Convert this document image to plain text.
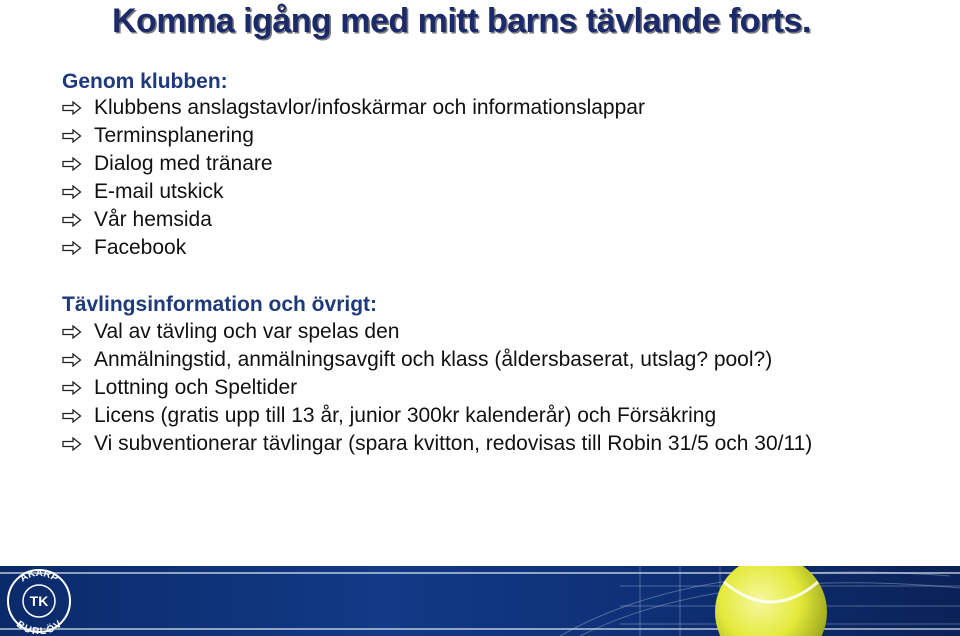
Komma igång med mitt barns tävlande forts.
Genom klubben:
Klubbens anslagstavlor/infoskärmar och informationslappar
Terminsplanering
Dialog med tränare
E-mail utskick
Vår hemsida
Facebook
Tävlingsinformation och övrigt:
Val av tävling och var spelas den
Anmälningstid, anmälningsavgift och klass (åldersbaserat, utslag? pool?)
Lottning och Speltider
Licens (gratis upp till 13 år, junior 300kr kalenderår) och Försäkring
Vi subventionerar tävlingar (spara kvitton, redovisas till Robin 31/5 och 30/11)
AKARP
TK
BURLÖV
